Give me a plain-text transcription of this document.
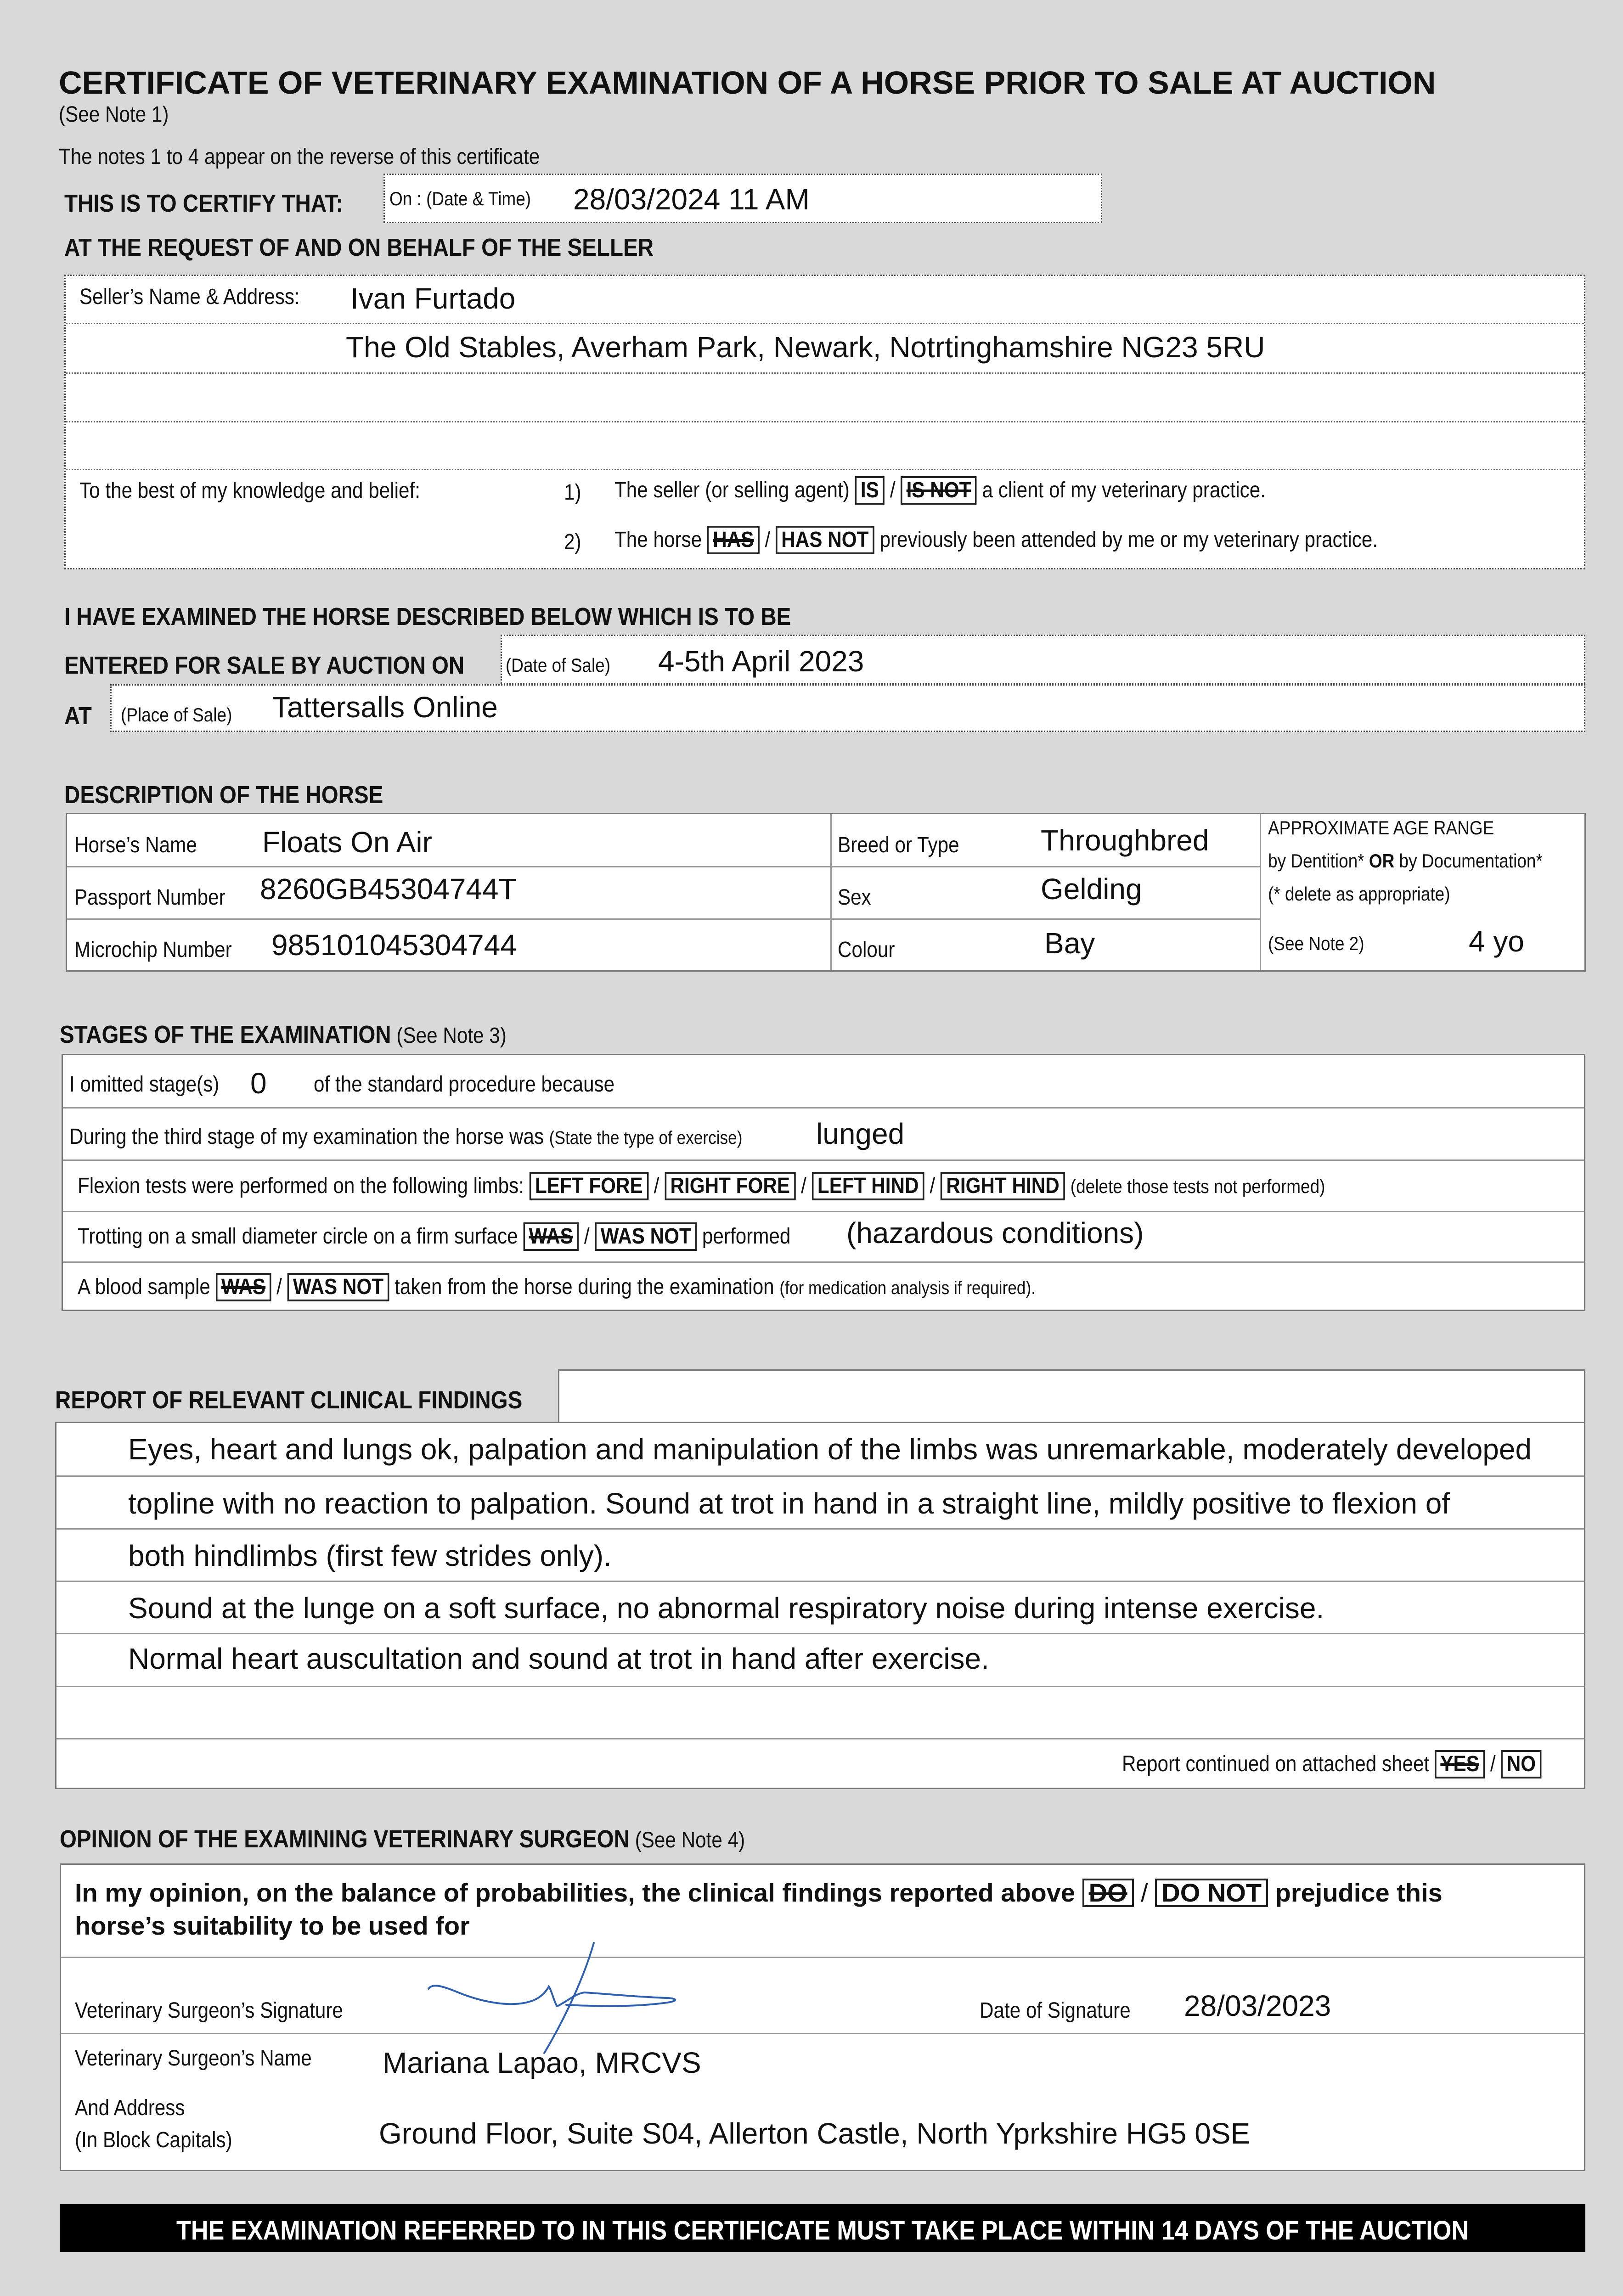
CERTIFICATE OF VETERINARY EXAMINATION OF A HORSE PRIOR TO SALE AT AUCTION
(See Note 1)
The notes 1 to 4 appear on the reverse of this certificate
THIS IS TO CERTIFY THAT: On : (Date & Time) 28/03/2024 11 AM
AT THE REQUEST OF AND ON BEHALF OF THE SELLER
Seller’s Name & Address: Ivan Furtado
The Old Stables, Averham Park, Newark, Notrtinghamshire NG23 5RU
To the best of my knowledge and belief:	1) The seller (or selling agent) IS / IS NOT a client of my veterinary practice.
2) The horse HAS / HAS NOT previously been attended by me or my veterinary practice.
I HAVE EXAMINED THE HORSE DESCRIBED BELOW WHICH IS TO BE
ENTERED FOR SALE BY AUCTION ON (Date of Sale) 4-5th April 2023
AT (Place of Sale) Tattersalls Online
DESCRIPTION OF THE HORSE
Horse’s Name Floats On Air
Passport Number 8260GB45304744T
Microchip Number 985101045304744
Breed or Type	Throughbred
Sex	Gelding
Colour	Bay
APPROXIMATE AGE RANGE
by Dentition* OR by Documentation*
(* delete as appropriate)
(See Note 2)	4 yo
STAGES OF THE EXAMINATION (See Note 3)
I omitted stage(s) 0 of the standard procedure because
During the third stage of my examination the horse was (State the type of exercise)	lunged
Flexion tests were performed on the following limbs: LEFT FORE / RIGHT FORE / LEFT HIND / RIGHT HIND (delete those tests not performed)
Trotting on a small diameter circle on a firm surface WAS / WAS NOT performed (hazardous conditions)
A blood sample WAS / WAS NOT taken from the horse during the examination (for medication analysis if required).
REPORT OF RELEVANT CLINICAL FINDINGS
Eyes, heart and lungs ok, palpation and manipulation of the limbs was unremarkable, moderately developed
topline with no reaction to palpation. Sound at trot in hand in a straight line, mildly positive to flexion of
both hindlimbs (first few strides only).
Sound at the lunge on a soft surface, no abnormal respiratory noise during intense exercise.
Normal heart auscultation and sound at trot in hand after exercise.
Report continued on attached sheet YES / NO
OPINION OF THE EXAMINING VETERINARY SURGEON (See Note 4)
In my opinion, on the balance of probabilities, the clinical findings reported above DO / DO NOT prejudice this
horse’s suitability to be used for
Veterinary Surgeon’s Signature	Date of Signature 28/03/2023
Veterinary Surgeon’s Name Mariana Lapao, MRCVS
And Address
(In Block Capitals)	Ground Floor, Suite S04, Allerton Castle, North Yprkshire HG5 0SE
THE EXAMINATION REFERRED TO IN THIS CERTIFICATE MUST TAKE PLACE WITHIN 14 DAYS OF THE AUCTION
